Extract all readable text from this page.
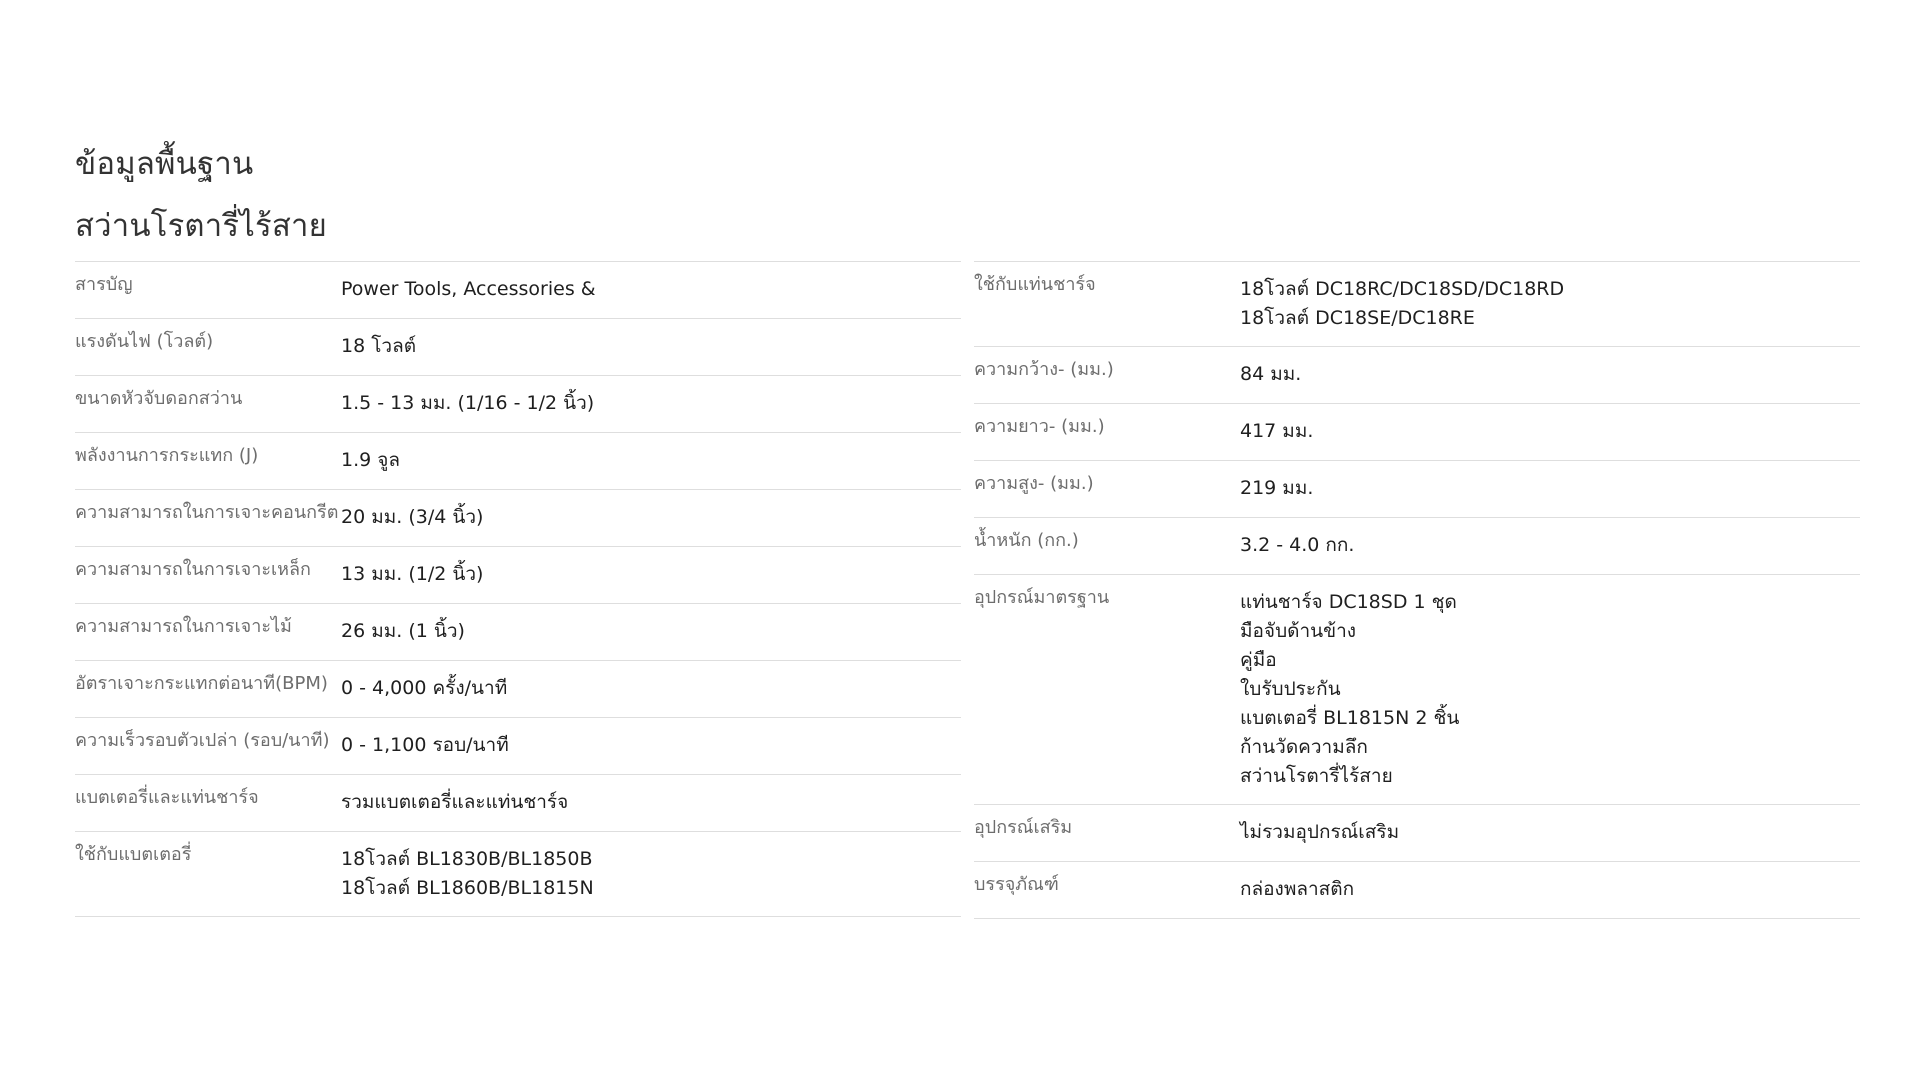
ข้อมูลพื้นฐาน
สว่านโรตารี่ไร้สาย
สารบัญ	Power Tools, Accessories &
แรงดันไฟ (โวลต์)	18 โวลต์
ขนาดหัวจับดอกสว่าน	1.5 - 13 มม. (1/16 - 1/2 นิ้ว)
พลังงานการกระแทก (J)	1.9 จูล
ความสามารถในการเจาะคอนกรีต 20 มม. (3/4 นิ้ว)
ความสามารถในการเจาะเหล็ก	13 มม. (1/2 นิ้ว)
ความสามารถในการเจาะไม้	26 มม. (1 นิ้ว)
อัตราเจาะกระแทกต่อนาที(BPM) 0 - 4,000 ครั้ง/นาที
ความเร็วรอบตัวเปล่า (รอบ/นาที) 0 - 1,100 รอบ/นาที
แบตเตอรี่และแท่นชาร์จ	รวมแบตเตอรี่และแท่นชาร์จ
ใช้กับแบตเตอรี่	18โวลต์ BL1830B/BL1850B
18โวลต์ BL1860B/BL1815N
ใช้กับแท่นชาร์จ	18โวลต์ DC18RC/DC18SD/DC18RD
18โวลต์ DC18SE/DC18RE
ความกว้าง- (มม.)	84 มม.
ความยาว- (มม.)	417 มม.
ความสูง- (มม.)	219 มม.
น้ำหนัก (กก.)	3.2 - 4.0 กก.
อุปกรณ์มาตรฐาน	แท่นชาร์จ DC18SD 1 ชุด
มือจับด้านข้าง
คู่มือ
ใบรับประกัน
แบตเตอรี่ BL1815N 2 ชิ้น
ก้านวัดความลึก
สว่านโรตารี่ไร้สาย
อุปกรณ์เสริม	ไม่รวมอุปกรณ์เสริม
บรรจุภัณฑ์	กล่องพลาสติก
